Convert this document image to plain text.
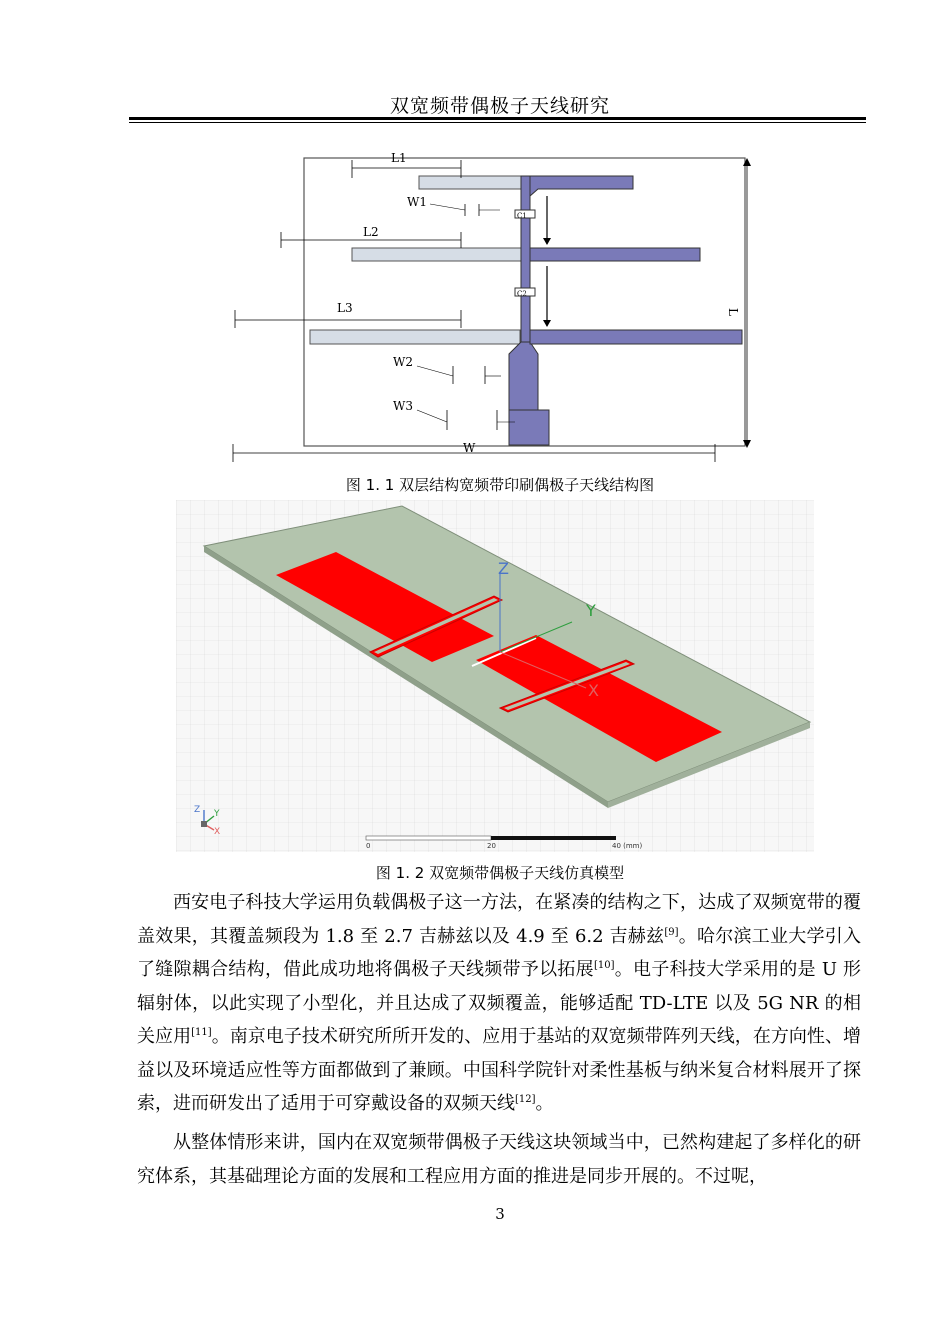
双宽频带偶极子天线研究
C1
C2
L1
W1
L2
L3
W2
W3
W
L
图 1. 1 双层结构宽频带印刷偶极子天线结构图
Z
Y
X
Z Y
X
0	20	40 (mm)
图 1. 2 双宽频带偶极子天线仿真模型

西安电子科技大学运用负载偶极子这一方法，在紧凑的结构之下，达成了双频宽带的覆盖效果，其覆盖频段为 1.8 至 2.7 吉赫兹以及 4.9 至 6.2 吉赫兹[9]。哈尔滨工业大学引入了缝隙耦合结构，借此成功地将偶极子天线频带予以拓展[10]。电子科技大学采用的是 U 形辐射体，以此实现了小型化，并且达成了双频覆盖，能够适配 TD-LTE 以及 5G NR 的相关应用[11]。南京电子技术研究所所开发的、应用于基站的双宽频带阵列天线，在方向性、增益以及环境适应性等方面都做到了兼顾。中国科学院针对柔性基板与纳米复合材料展开了探索，进而研发出了适用于可穿戴设备的双频天线[12]。

从整体情形来讲，国内在双宽频带偶极子天线这块领域当中，已然构建起了多样化的研究体系，其基础理论方面的发展和工程应用方面的推进是同步开展的。不过呢，

3
